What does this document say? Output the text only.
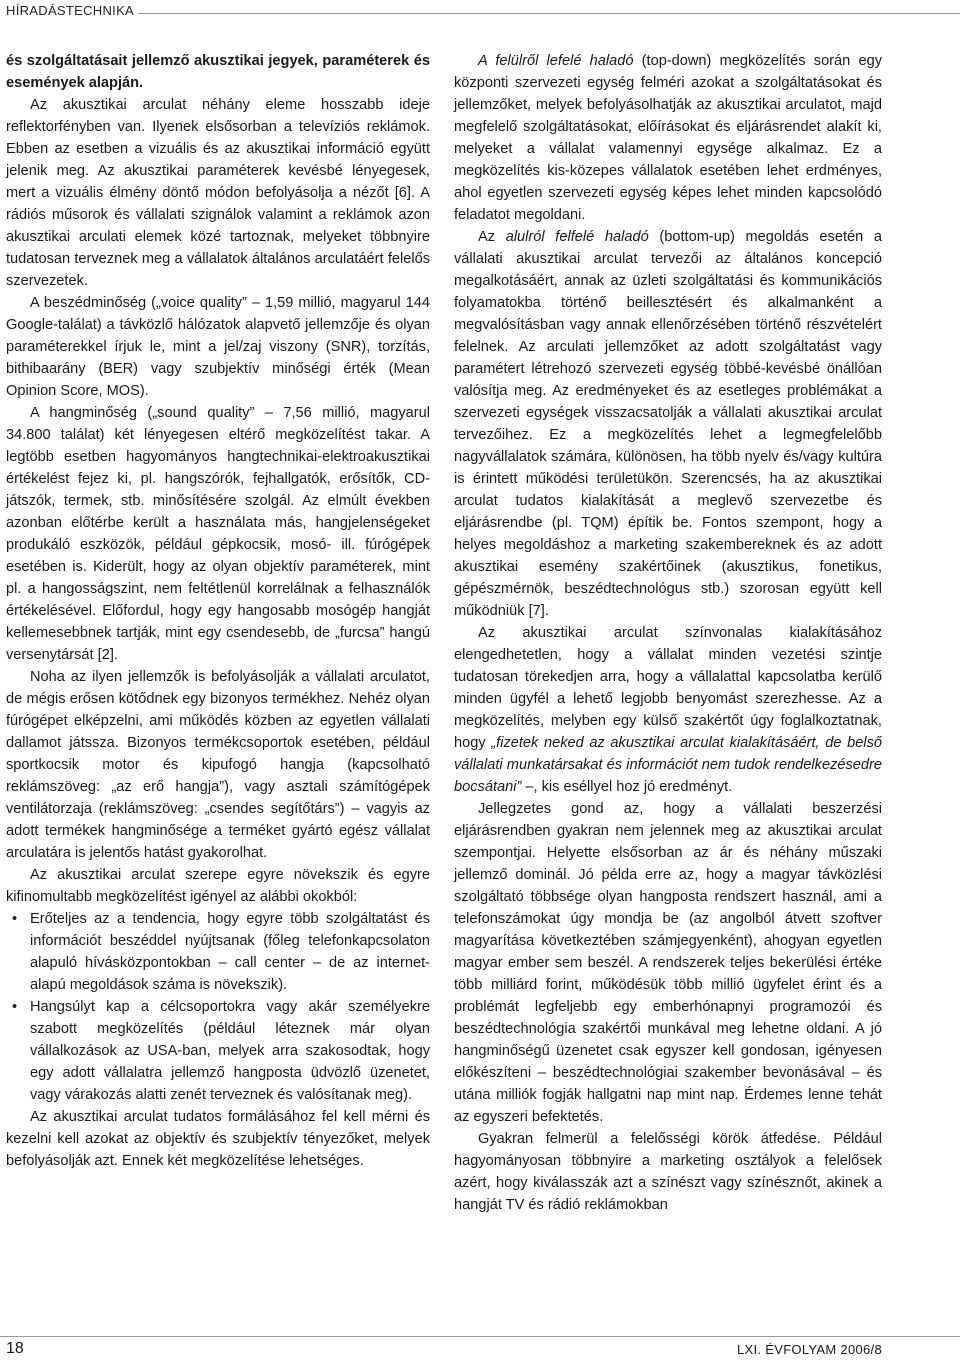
HÍRADÁSTECHNIKA

és szolgáltatásait jellemző akusztikai jegyek, paraméterek és események alapján.

Az akusztikai arculat néhány eleme hosszabb ideje reflektorfényben van. Ilyenek elsősorban a televíziós reklámok. Ebben az esetben a vizuális és az akusztikai információ együtt jelenik meg. Az akusztikai paraméterek kevésbé lényegesek, mert a vizuális élmény döntő módon befolyásolja a nézőt [6]. A rádiós műsorok és vállalati szignálok valamint a reklámok azon akusztikai arculati elemek közé tartoznak, melyeket többnyire tudatosan terveznek meg a vállalatok általános arculatáért felelős szervezetek.

A beszédminőség („voice quality” – 1,59 millió, magyarul 144 Google-találat) a távközlő hálózatok alapvető jellemzője és olyan paraméterekkel írjuk le, mint a jel/zaj viszony (SNR), torzítás, bithibaarány (BER) vagy szubjektív minőségi érték (Mean Opinion Score, MOS).

A hangminőség („sound quality” – 7,56 millió, magyarul 34.800 találat) két lényegesen eltérő megközelítést takar. A legtöbb esetben hagyományos hangtechnikai-elektroakusztikai értékelést fejez ki, pl. hangszórók, fejhallgatók, erősítők, CD-játszók, termek, stb. minősítésére szolgál. Az elmúlt években azonban előtérbe került a használata más, hangjelenségeket produkáló eszközök, például gépkocsik, mosó- ill. fúrógépek esetében is. Kiderült, hogy az olyan objektív paraméterek, mint pl. a hangosságszint, nem feltétlenül korrelálnak a felhasználók értékelésével. Előfordul, hogy egy hangosabb mosógép hangját kellemesebbnek tartják, mint egy csendesebb, de „furcsa” hangú versenytársát [2].

Noha az ilyen jellemzők is befolyásolják a vállalati arculatot, de mégis erősen kötődnek egy bizonyos termékhez. Nehéz olyan fúrógépet elképzelni, ami működés közben az egyetlen vállalati dallamot játssza. Bizonyos termékcsoportok esetében, például sportkocsik motor és kipufogó hangja (kapcsolható reklámszöveg: „az erő hangja”), vagy asztali számítógépek ventilátorzaja (reklámszöveg: „csendes segítőtárs”) – vagyis az adott termékek hangminősége a terméket gyártó egész vállalat arculatára is jelentős hatást gyakorolhat.

Az akusztikai arculat szerepe egyre növekszik és egyre kifinomultabb megközelítést igényel az alábbi okokból:

• Erőteljes az a tendencia, hogy egyre több szolgáltatást és információt beszéddel nyújtsanak (főleg telefonkapcsolaton alapuló hívásközpontokban – call center – de az internet-alapú megoldások száma is növekszik).
• Hangsúlyt kap a célcsoportokra vagy akár személyekre szabott megközelítés (például léteznek már olyan vállalkozások az USA-ban, melyek arra szakosodtak, hogy egy adott vállalatra jellemző hangposta üdvözlő üzenetet, vagy várakozás alatti zenét terveznek és valósítanak meg).

Az akusztikai arculat tudatos formálásához fel kell mérni és kezelni kell azokat az objektív és szubjektív tényezőket, melyek befolyásolják azt. Ennek két megközelítése lehetséges.

A felülről lefelé haladó (top-down) megközelítés során egy központi szervezeti egység felméri azokat a szolgáltatásokat és jellemzőket, melyek befolyásolhatják az akusztikai arculatot, majd megfelelő szolgáltatásokat, előírásokat és eljárásrendet alakít ki, melyeket a vállalat valamennyi egysége alkalmaz. Ez a megközelítés kis-közepes vállalatok esetében lehet erdményes, ahol egyetlen szervezeti egység képes lehet minden kapcsolódó feladatot megoldani.

Az alulról felfelé haladó (bottom-up) megoldás esetén a vállalati akusztikai arculat tervezői az általános koncepció megalkotásáért, annak az üzleti szolgáltatási és kommunikációs folyamatokba történő beillesztésért és alkalmanként a megvalósításban vagy annak ellenőrzésében történő részvételért felelnek. Az arculati jellemzőket az adott szolgáltatást vagy paramétert létrehozó szervezeti egység többé-kevésbé önállóan valósítja meg. Az eredményeket és az esetleges problémákat a szervezeti egységek visszacsatolják a vállalati akusztikai arculat tervezőihez. Ez a megközelítés lehet a legmegfelelőbb nagyvállalatok számára, különösen, ha több nyelv és/vagy kultúra is érintett működési területükön. Szerencsés, ha az akusztikai arculat tudatos kialakítását a meglevő szervezetbe és eljárásrendbe (pl. TQM) építik be. Fontos szempont, hogy a helyes megoldáshoz a marketing szakembereknek és az adott akusztikai esemény szakértőinek (akusztikus, fonetikus, gépészmérnök, beszédtechnológus stb.) szorosan együtt kell működniük [7].

Az akusztikai arculat színvonalas kialakításához elengedhetetlen, hogy a vállalat minden vezetési szintje tudatosan törekedjen arra, hogy a vállalattal kapcsolatba kerülő minden ügyfél a lehető legjobb benyomást szerezhesse. Az a megközelítés, melyben egy külső szakértőt úgy foglalkoztatnak, hogy „fizetek neked az akusztikai arculat kialakításáért, de belső vállalati munkatársakat és információt nem tudok rendelkezésedre bocsátani” –, kis eséllyel hoz jó eredményt.

Jellegzetes gond az, hogy a vállalati beszerzési eljárásrendben gyakran nem jelennek meg az akusztikai arculat szempontjai. Helyette elsősorban az ár és néhány műszaki jellemző dominál. Jó példa erre az, hogy a magyar távközlési szolgáltató többsége olyan hangposta rendszert használ, ami a telefonszámokat úgy mondja be (az angolból átvett szoftver magyarítása következtében számjegyenként), ahogyan egyetlen magyar ember sem beszél. A rendszerek teljes bekerülési értéke több milliárd forint, működésük több millió ügyfelet érint és a problémát legfeljebb egy emberhónapnyi programozói és beszédtechnológia szakértői munkával meg lehetne oldani. A jó hangminőségű üzenetet csak egyszer kell gondosan, igényesen előkészíteni – beszédtechnológiai szakember bevonásával – és utána milliók fogják hallgatni nap mint nap. Érdemes lenne tehát az egyszeri befektetés.

Gyakran felmerül a felelősségi körök átfedése. Például hagyományosan többnyire a marketing osztályok a felelősek azért, hogy kiválasszák azt a színészt vagy színésznőt, akinek a hangját TV és rádió reklámokban

18	LXI. ÉVFOLYAM 2006/8
